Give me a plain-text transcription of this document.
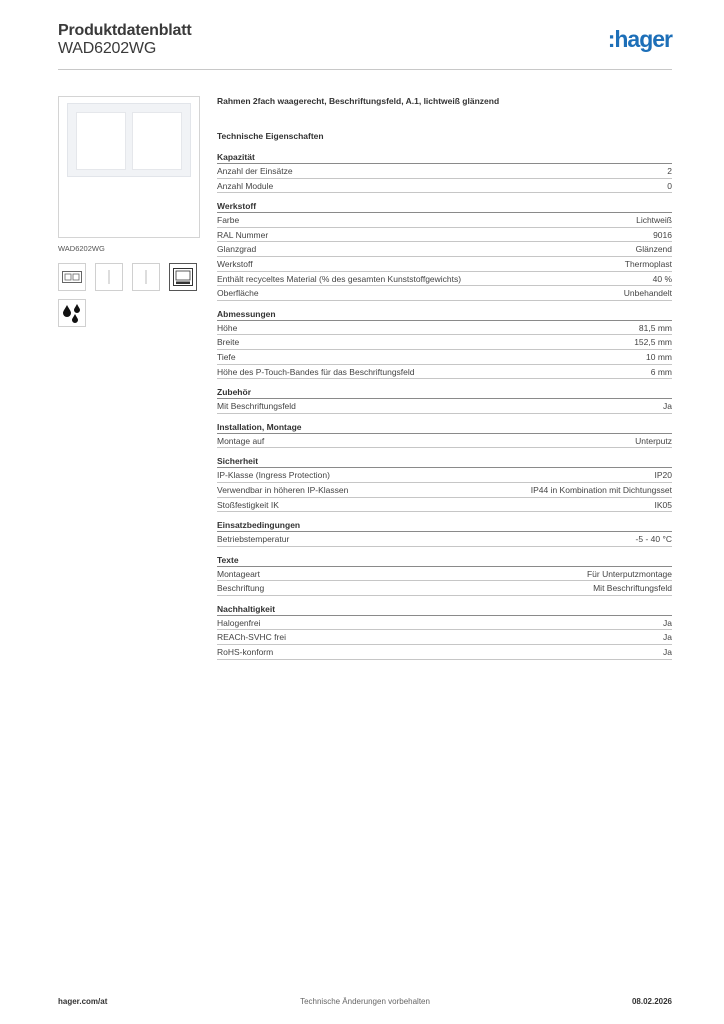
Produktdatenblatt
WAD6202WG	:hager
WAD6202WG
Rahmen 2fach waagerecht, Beschriftungsfeld, A.1, lichtweiß glänzend
Technische Eigenschaften
Kapazität
Anzahl der Einsätze	2
Anzahl Module	0
Werkstoff
Farbe	Lichtweiß
RAL Nummer	9016
Glanzgrad	Glänzend
Werkstoff	Thermoplast
Enthält recyceltes Material (% des gesamten Kunststoffgewichts)	40 %
Oberfläche	Unbehandelt
Abmessungen
Höhe	81,5 mm
Breite	152,5 mm
Tiefe	10 mm
Höhe des P-Touch-Bandes für das Beschriftungsfeld	6 mm
Zubehör
Mit Beschriftungsfeld	Ja
Installation, Montage
Montage auf	Unterputz
Sicherheit
IP-Klasse (Ingress Protection)	IP20
Verwendbar in höheren IP-Klassen	IP44 in Kombination mit Dichtungsset
Stoßfestigkeit IK	IK05
Einsatzbedingungen
Betriebstemperatur	-5 - 40 °C
Texte
Montageart	Für Unterputzmontage
Beschriftung	Mit Beschriftungsfeld
Nachhaltigkeit
Halogenfrei	Ja
REACh-SVHC frei	Ja
RoHS-konform	Ja
hager.com/at	Technische Änderungen vorbehalten	08.02.2026
